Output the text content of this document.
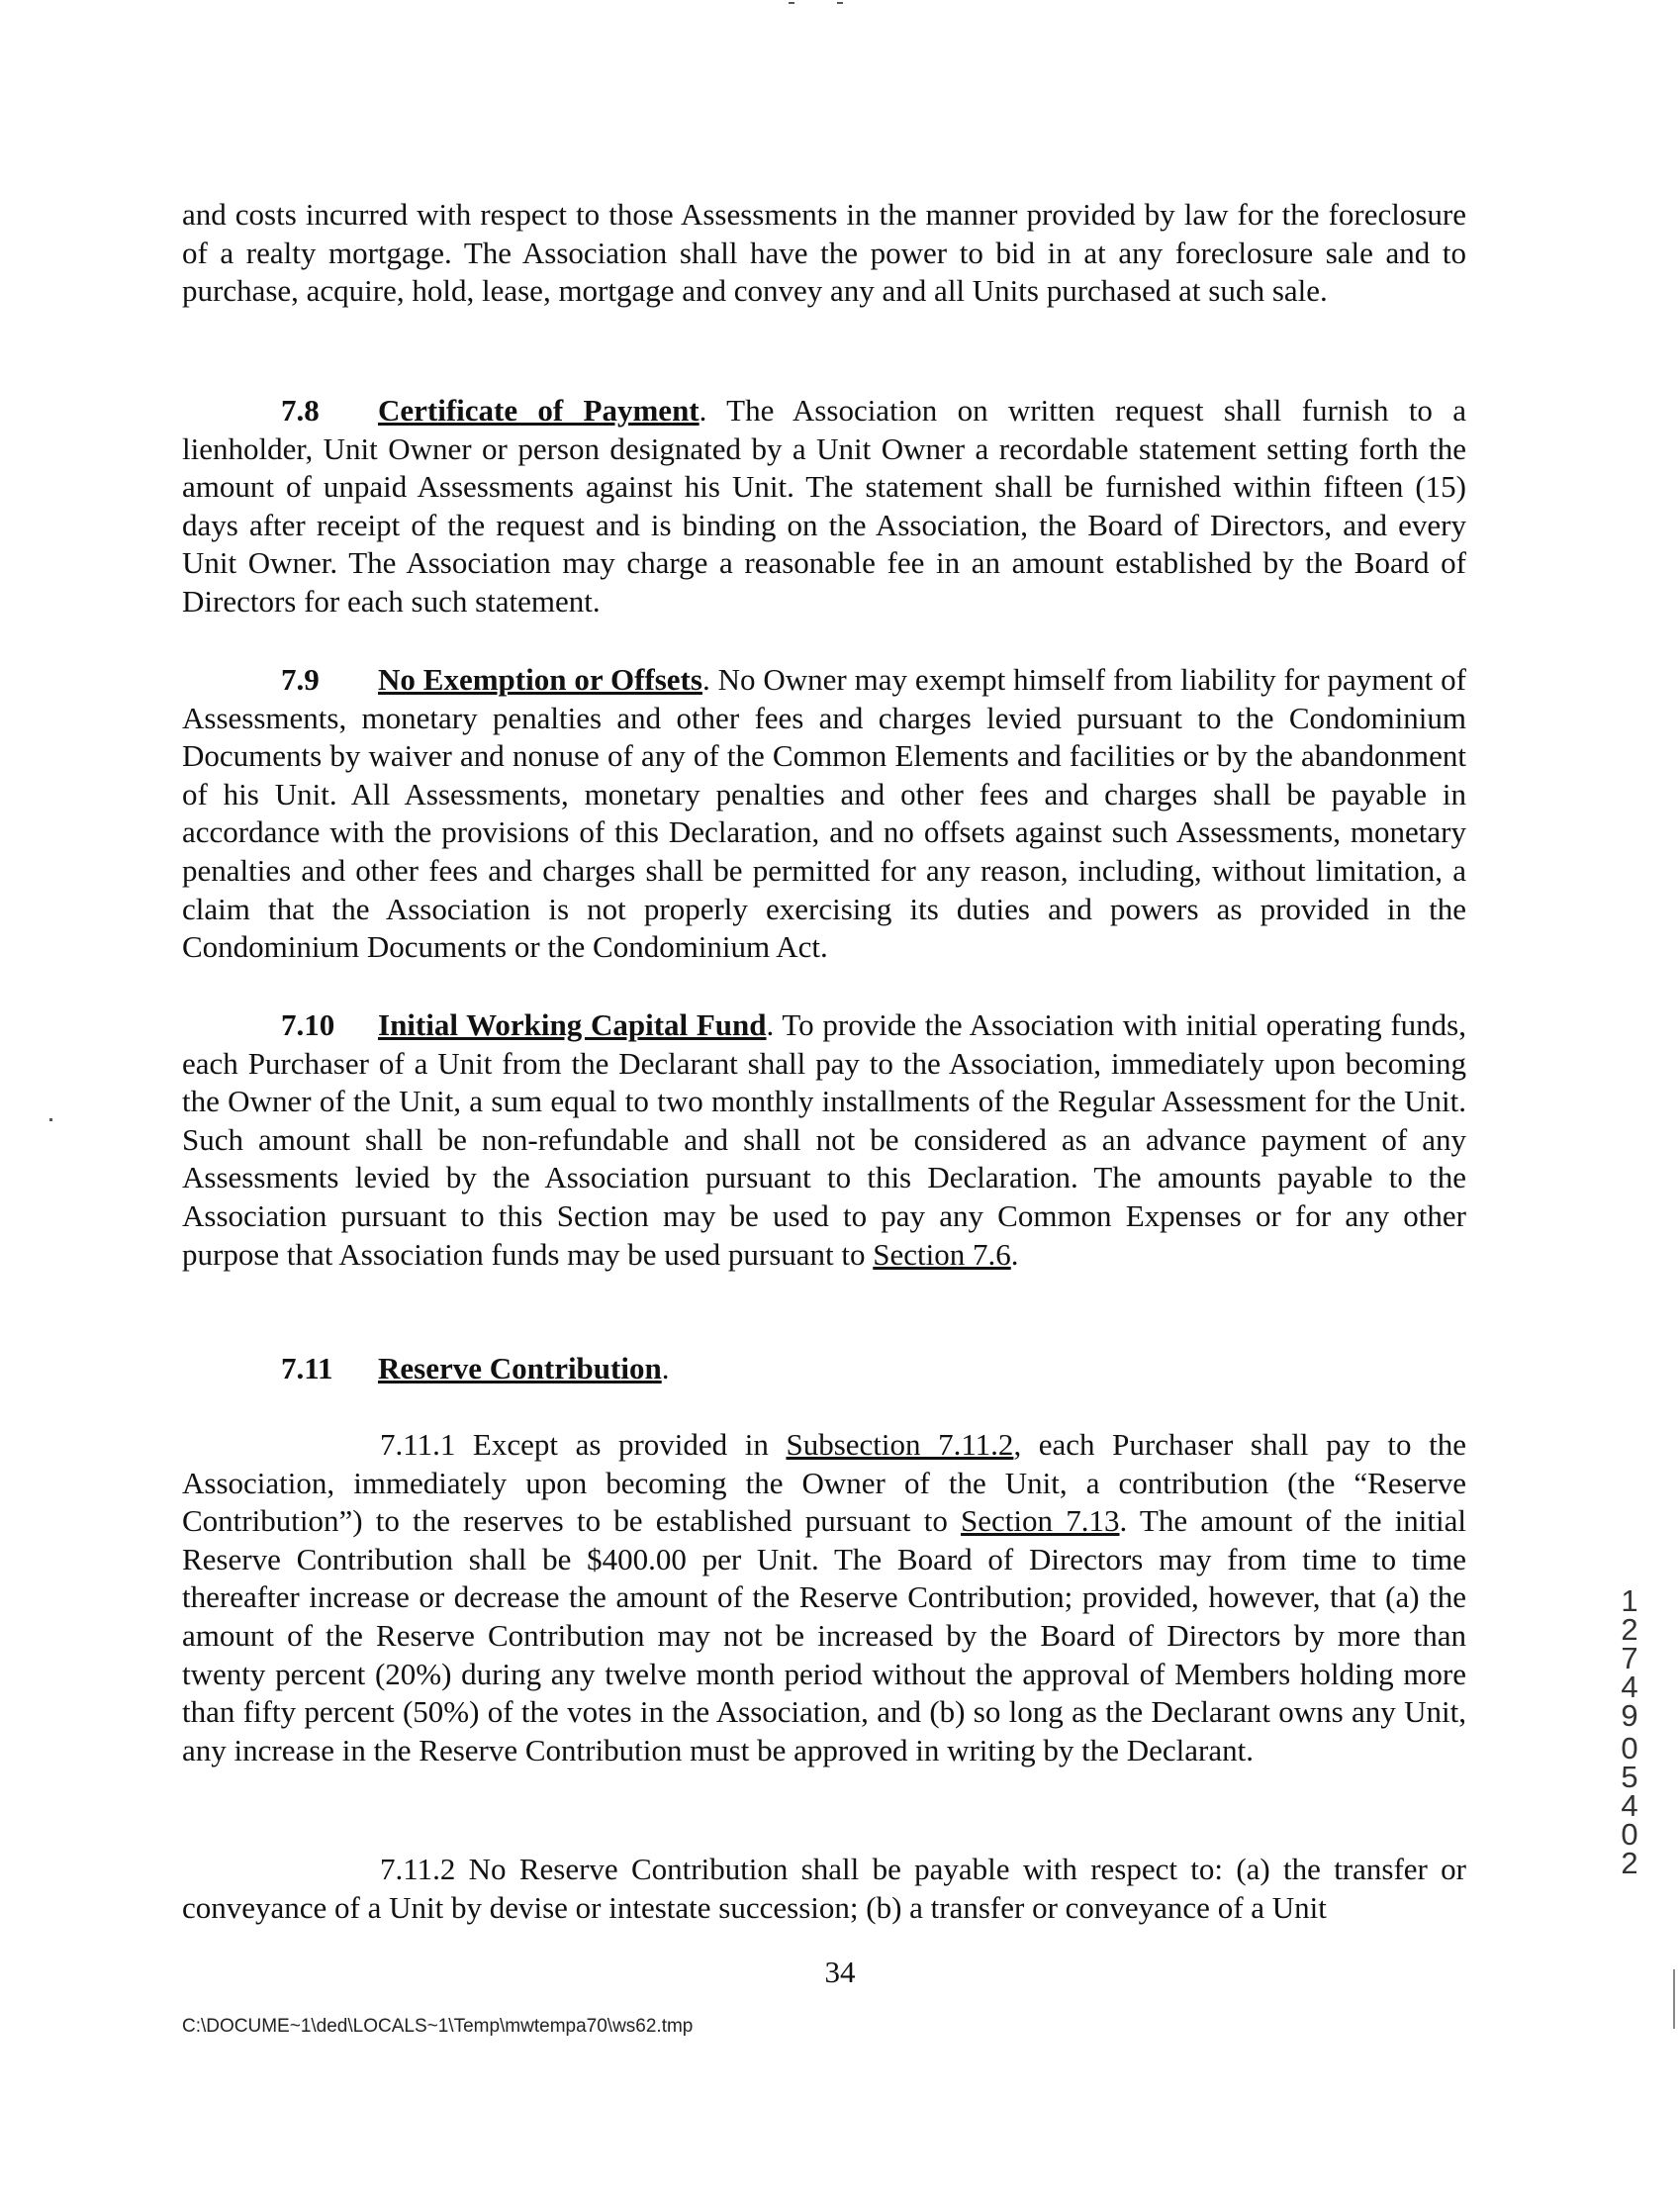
and costs incurred with respect to those Assessments in the manner provided by law for the foreclosure of a realty mortgage. The Association shall have the power to bid in at any foreclosure sale and to purchase, acquire, hold, lease, mortgage and convey any and all Units purchased at such sale.

7.8 Certificate of Payment. The Association on written request shall furnish to a lienholder, Unit Owner or person designated by a Unit Owner a recordable statement setting forth the amount of unpaid Assessments against his Unit. The statement shall be furnished within fifteen (15) days after receipt of the request and is binding on the Association, the Board of Directors, and every Unit Owner. The Association may charge a reasonable fee in an amount established by the Board of Directors for each such statement.

7.9 No Exemption or Offsets. No Owner may exempt himself from liability for payment of Assessments, monetary penalties and other fees and charges levied pursuant to the Condominium Documents by waiver and nonuse of any of the Common Elements and facilities or by the abandonment of his Unit. All Assessments, monetary penalties and other fees and charges shall be payable in accordance with the provisions of this Declaration, and no offsets against such Assessments, monetary penalties and other fees and charges shall be permitted for any reason, including, without limitation, a claim that the Association is not properly exercising its duties and powers as provided in the Condominium Documents or the Condominium Act.

7.10 Initial Working Capital Fund. To provide the Association with initial operating funds, each Purchaser of a Unit from the Declarant shall pay to the Association, immediately upon becoming the Owner of the Unit, a sum equal to two monthly installments of the Regular Assessment for the Unit. Such amount shall be non-refundable and shall not be considered as an advance payment of any Assessments levied by the Association pursuant to this Declaration. The amounts payable to the Association pursuant to this Section may be used to pay any Common Expenses or for any other purpose that Association funds may be used pursuant to Section 7.6.

7.11 Reserve Contribution.

7.11.1 Except as provided in Subsection 7.11.2, each Purchaser shall pay to the Association, immediately upon becoming the Owner of the Unit, a contribution (the “Reserve Contribution”) to the reserves to be established pursuant to Section 7.13. The amount of the initial Reserve Contribution shall be $400.00 per Unit. The Board of Directors may from time to time thereafter increase or decrease the amount of the Reserve Contribution; provided, however, that (a) the amount of the Reserve Contribution may not be increased by the Board of Directors by more than twenty percent (20%) during any twelve month period without the approval of Members holding more than fifty percent (50%) of the votes in the Association, and (b) so long as the Declarant owns any Unit, any increase in the Reserve Contribution must be approved in writing by the Declarant.

7.11.2 No Reserve Contribution shall be payable with respect to: (a) the transfer or conveyance of a Unit by devise or intestate succession; (b) a transfer or conveyance of a Unit

34
C:\DOCUME~1\ded\LOCALS~1\Temp\mwtempa70\ws62.tmp
1
2
7
4
9
0
5
4
0
2
